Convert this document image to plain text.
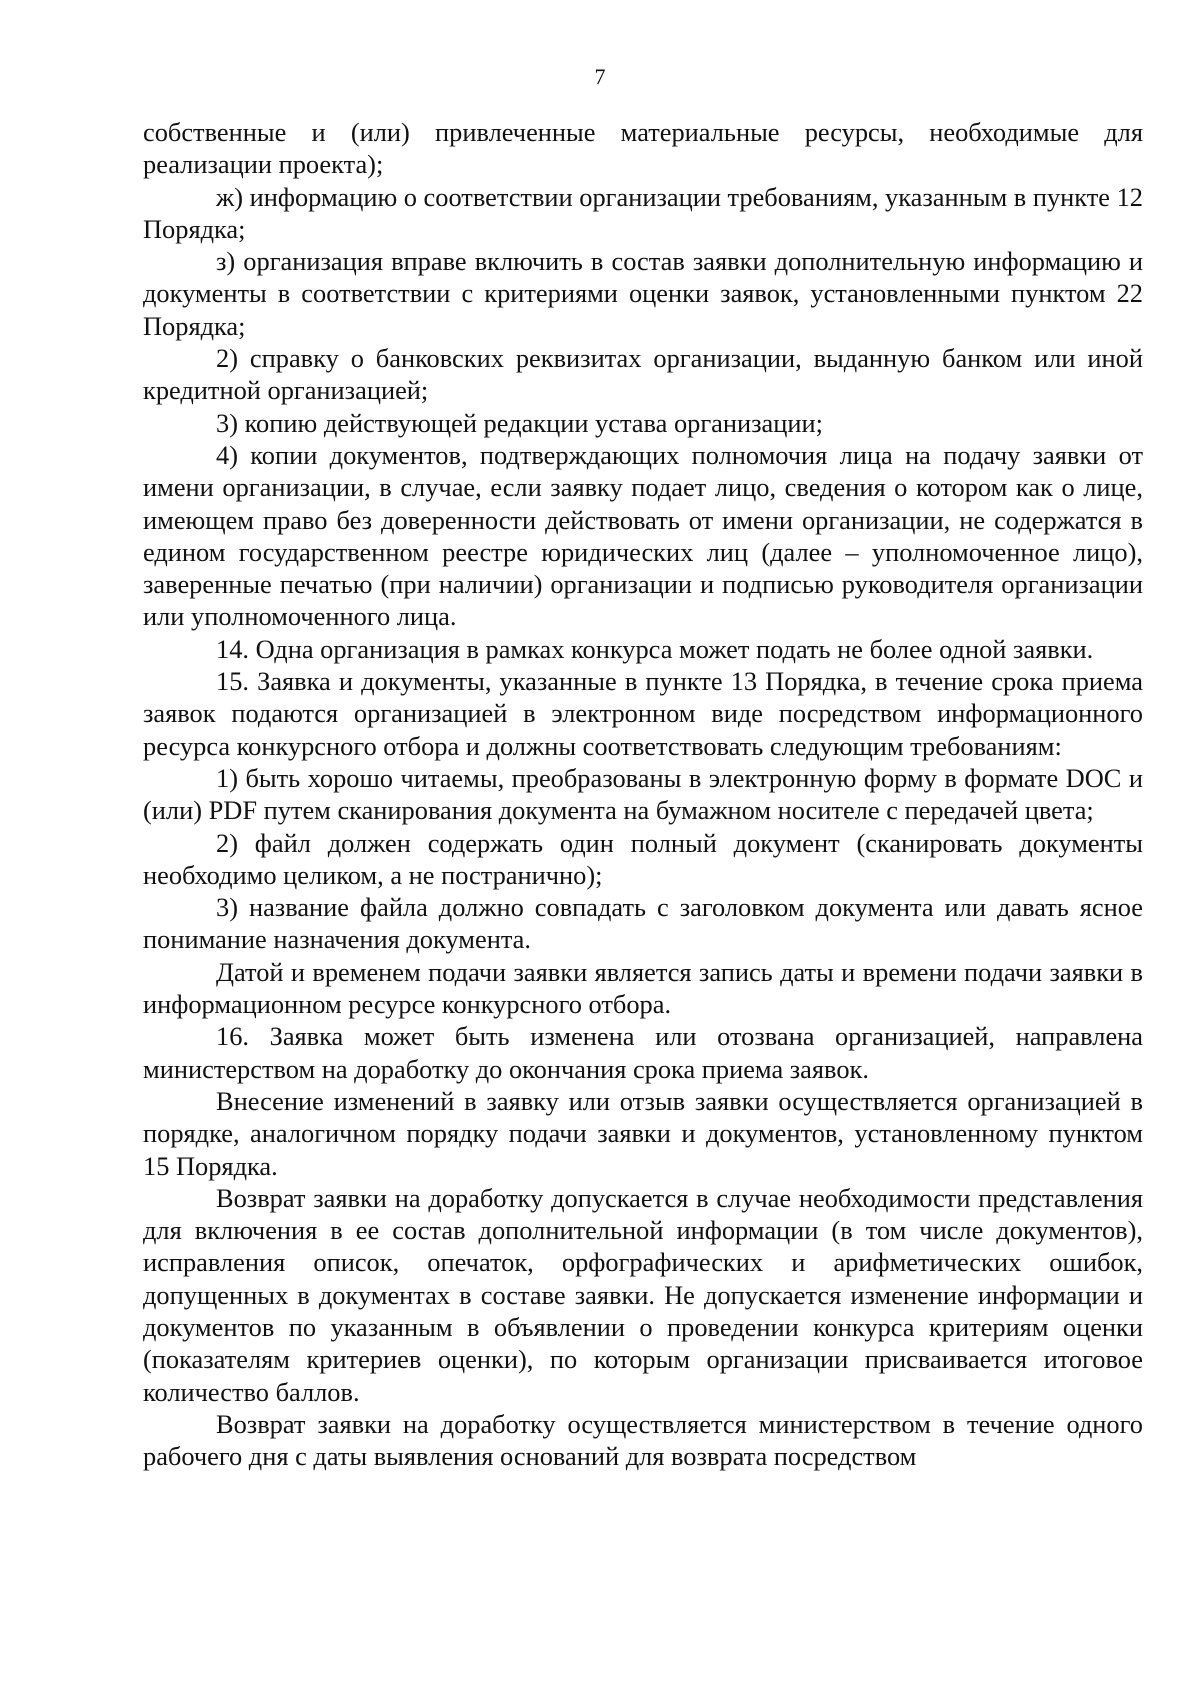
7

собственные и (или) привлеченные материальные ресурсы, необходимые для реализации проекта);

ж) информацию о соответствии организации требованиям, указанным в пункте 12 Порядка;

з) организация вправе включить в состав заявки дополнительную информацию и документы в соответствии с критериями оценки заявок, установленными пунктом 22 Порядка;

2) справку о банковских реквизитах организации, выданную банком или иной кредитной организацией;

3) копию действующей редакции устава организации;

4) копии документов, подтверждающих полномочия лица на подачу заявки от имени организации, в случае, если заявку подает лицо, сведения о котором как о лице, имеющем право без доверенности действовать от имени организации, не содержатся в едином государственном реестре юридических лиц (далее – уполномоченное лицо), заверенные печатью (при наличии) организации и подписью руководителя организации или уполномоченного лица.

14. Одна организация в рамках конкурса может подать не более одной заявки.

15. Заявка и документы, указанные в пункте 13 Порядка, в течение срока приема заявок подаются организацией в электронном виде посредством информационного ресурса конкурсного отбора и должны соответствовать следующим требованиям:

1) быть хорошо читаемы, преобразованы в электронную форму в формате DOC и (или) PDF путем сканирования документа на бумажном носителе с передачей цвета;

2) файл должен содержать один полный документ (сканировать документы необходимо целиком, а не постранично);

3) название файла должно совпадать с заголовком документа или давать ясное понимание назначения документа.

Датой и временем подачи заявки является запись даты и времени подачи заявки в информационном ресурсе конкурсного отбора.

16. Заявка может быть изменена или отозвана организацией, направлена министерством на доработку до окончания срока приема заявок.

Внесение изменений в заявку или отзыв заявки осуществляется организацией в порядке, аналогичном порядку подачи заявки и документов, установленному пунктом 15 Порядка.

Возврат заявки на доработку допускается в случае необходимости представления для включения в ее состав дополнительной информации (в том числе документов), исправления описок, опечаток, орфографических и арифметических ошибок, допущенных в документах в составе заявки. Не допускается изменение информации и документов по указанным в объявлении о проведении конкурса критериям оценки (показателям критериев оценки), по которым организации присваивается итоговое количество баллов.

Возврат заявки на доработку осуществляется министерством в течение одного рабочего дня с даты выявления оснований для возврата посредством
